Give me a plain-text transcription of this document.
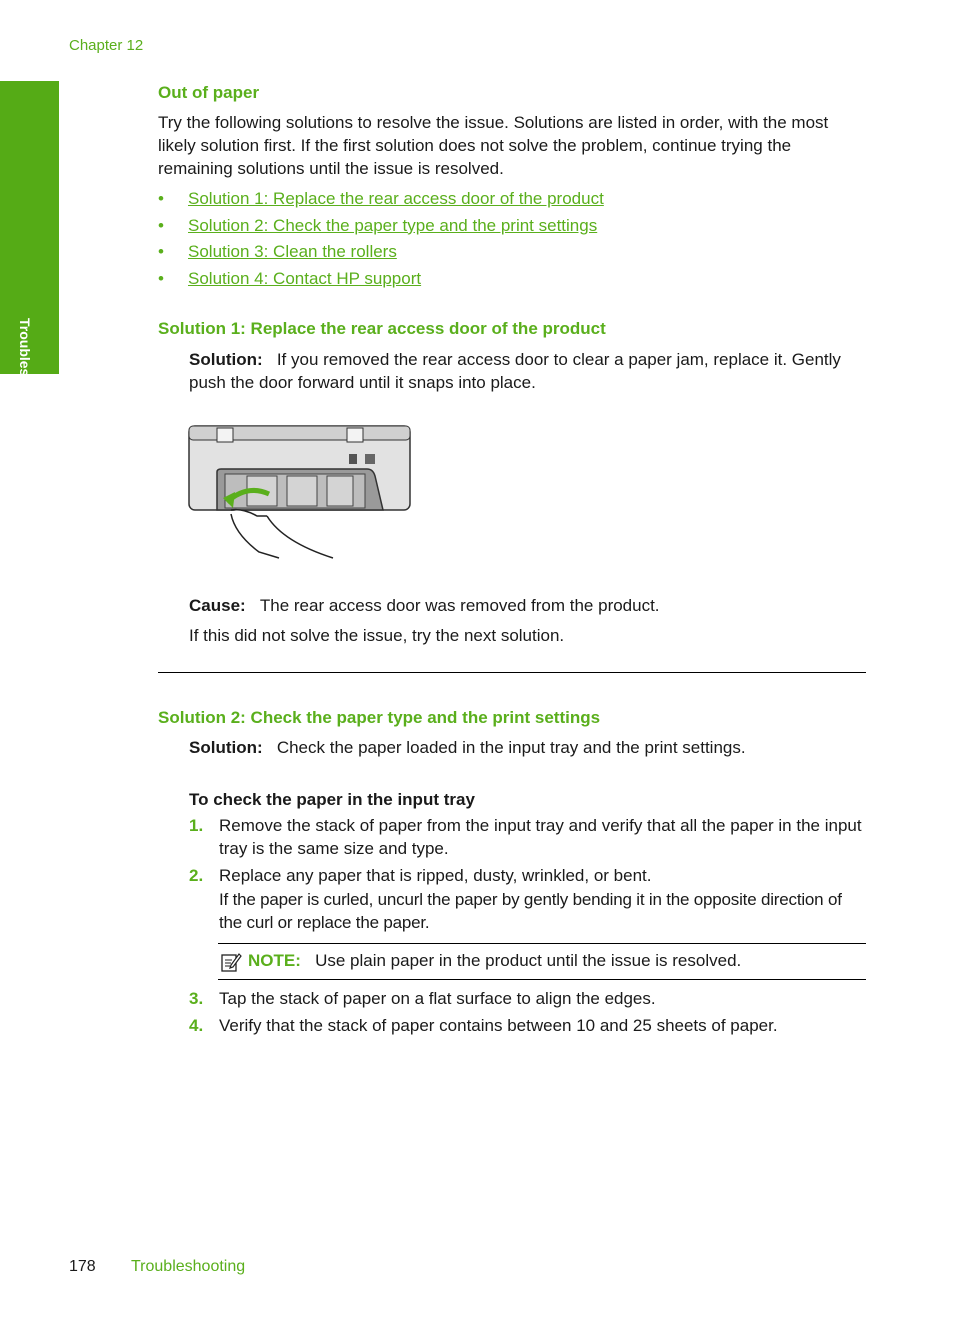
Chapter 12
Troubleshooting
Out of paper

Try the following solutions to resolve the issue. Solutions are listed in order, with the most likely solution first. If the first solution does not solve the problem, continue trying the remaining solutions until the issue is resolved.

• Solution 1: Replace the rear access door of the product
• Solution 2: Check the paper type and the print settings
• Solution 3: Clean the rollers
• Solution 4: Contact HP support
Solution 1: Replace the rear access door of the product

Solution: If you removed the rear access door to clear a paper jam, replace it. Gently push the door forward until it snaps into place.

Cause: The rear access door was removed from the product.

If this did not solve the issue, try the next solution.

Solution 2: Check the paper type and the print settings

Solution: Check the paper loaded in the input tray and the print settings.

To check the paper in the input tray

1. Remove the stack of paper from the input tray and verify that all the paper in the input tray is the same size and type.
2. Replace any paper that is ripped, dusty, wrinkled, or bent.
If the paper is curled, uncurl the paper by gently bending it in the opposite direction of the curl or replace the paper.
NOTE: Use plain paper in the product until the issue is resolved.
3. Tap the stack of paper on a flat surface to align the edges.
4. Verify that the stack of paper contains between 10 and 25 sheets of paper.
178 Troubleshooting
